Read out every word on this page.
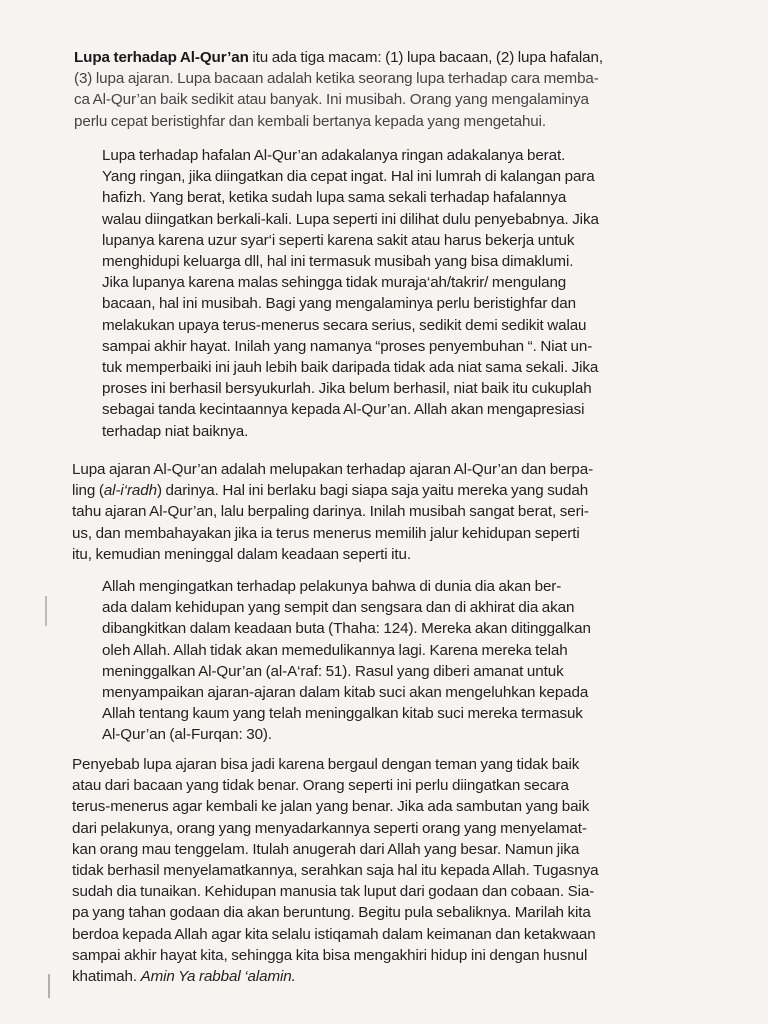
Lupa terhadap Al-Qur’an itu ada tiga macam: (1) lupa bacaan, (2) lupa hafalan,
(3) lupa ajaran. Lupa bacaan adalah ketika seorang lupa terhadap cara memba-
ca Al-Qur’an baik sedikit atau banyak. Ini musibah. Orang yang mengalaminya
perlu cepat beristighfar dan kembali bertanya kepada yang mengetahui.
Lupa terhadap hafalan Al-Qur’an adakalanya ringan adakalanya berat.
Yang ringan, jika diingatkan dia cepat ingat. Hal ini lumrah di kalangan para
hafizh. Yang berat, ketika sudah lupa sama sekali terhadap hafalannya
walau diingatkan berkali-kali. Lupa seperti ini dilihat dulu penyebabnya. Jika
lupanya karena uzur syar‘i seperti karena sakit atau harus bekerja untuk
menghidupi keluarga dll, hal ini termasuk musibah yang bisa dimaklumi.
Jika lupanya karena malas sehingga tidak muraja‘ah/takrir/ mengulang
bacaan, hal ini musibah. Bagi yang mengalaminya perlu beristighfar dan
melakukan upaya terus-menerus secara serius, sedikit demi sedikit walau
sampai akhir hayat. Inilah yang namanya “proses penyembuhan “. Niat un-
tuk memperbaiki ini jauh lebih baik daripada tidak ada niat sama sekali. Jika
proses ini berhasil bersyukurlah. Jika belum berhasil, niat baik itu cukuplah
sebagai tanda kecintaannya kepada Al-Qur’an. Allah akan mengapresiasi
terhadap niat baiknya.
Lupa ajaran Al-Qur’an adalah melupakan terhadap ajaran Al-Qur’an dan berpa-
ling (al-i‘radh) darinya. Hal ini berlaku bagi siapa saja yaitu mereka yang sudah
tahu ajaran Al-Qur’an, lalu berpaling darinya. Inilah musibah sangat berat, seri-
us, dan membahayakan jika ia terus menerus memilih jalur kehidupan seperti
itu, kemudian meninggal dalam keadaan seperti itu.
Allah mengingatkan terhadap pelakunya bahwa di dunia dia akan ber-
ada dalam kehidupan yang sempit dan sengsara dan di akhirat dia akan
dibangkitkan dalam keadaan buta (Thaha: 124). Mereka akan ditinggalkan
oleh Allah. Allah tidak akan memedulikannya lagi. Karena mereka telah
meninggalkan Al-Qur’an (al-A‘raf: 51). Rasul yang diberi amanat untuk
menyampaikan ajaran-ajaran dalam kitab suci akan mengeluhkan kepada
Allah tentang kaum yang telah meninggalkan kitab suci mereka termasuk
Al-Qur’an (al-Furqan: 30).
Penyebab lupa ajaran bisa jadi karena bergaul dengan teman yang tidak baik
atau dari bacaan yang tidak benar. Orang seperti ini perlu diingatkan secara
terus-menerus agar kembali ke jalan yang benar. Jika ada sambutan yang baik
dari pelakunya, orang yang menyadarkannya seperti orang yang menyelamat-
kan orang mau tenggelam. Itulah anugerah dari Allah yang besar. Namun jika
tidak berhasil menyelamatkannya, serahkan saja hal itu kepada Allah. Tugasnya
sudah dia tunaikan. Kehidupan manusia tak luput dari godaan dan cobaan. Sia-
pa yang tahan godaan dia akan beruntung. Begitu pula sebaliknya. Marilah kita
berdoa kepada Allah agar kita selalu istiqamah dalam keimanan dan ketakwaan
sampai akhir hayat kita, sehingga kita bisa mengakhiri hidup ini dengan husnul
khatimah. Amin Ya rabbal ‘alamin.
